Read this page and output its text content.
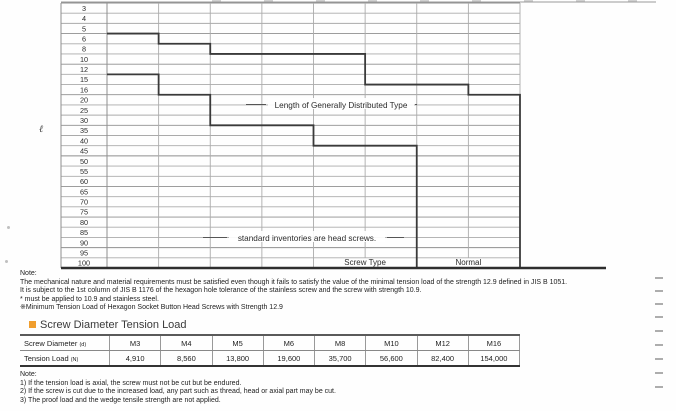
3
4
5
6
8
10
12
15
16
20
25
30
35
40
45
50
55
60
65
70
75
80
85
90
95
100	Screw Type	Normal
Length of Generally Distributed Type
standard inventories are head screws.
ℓ
Note:
The mechanical nature and material requirements must be satisfied even though it fails to satisfy the value of the minimal tension load of the strength 12.9 defined in JIS B 1051.
It is subject to the 1st column of JIS B 1176 of the hexagon hole tolerance of the stainless screw and the screw with strength 10.9.
* must be applied to 10.9 and stainless steel.
※Minimum Tension Load of Hexagon Socket Button Head Screws with Strength 12.9
Screw Diameter Tension Load
Screw Diameter (d)	M3	M4	M5	M6	M8	M10	M12	M16
Tension Load (N)	4,910	8,560	13,800	19,600	35,700	56,600	82,400	154,000
Note:
1) If the tension load is axial, the screw must not be cut but be endured.
2) If the screw is cut due to the increased load, any part such as thread, head or axial part may be cut.
3) The proof load and the wedge tensile strength are not applied.
